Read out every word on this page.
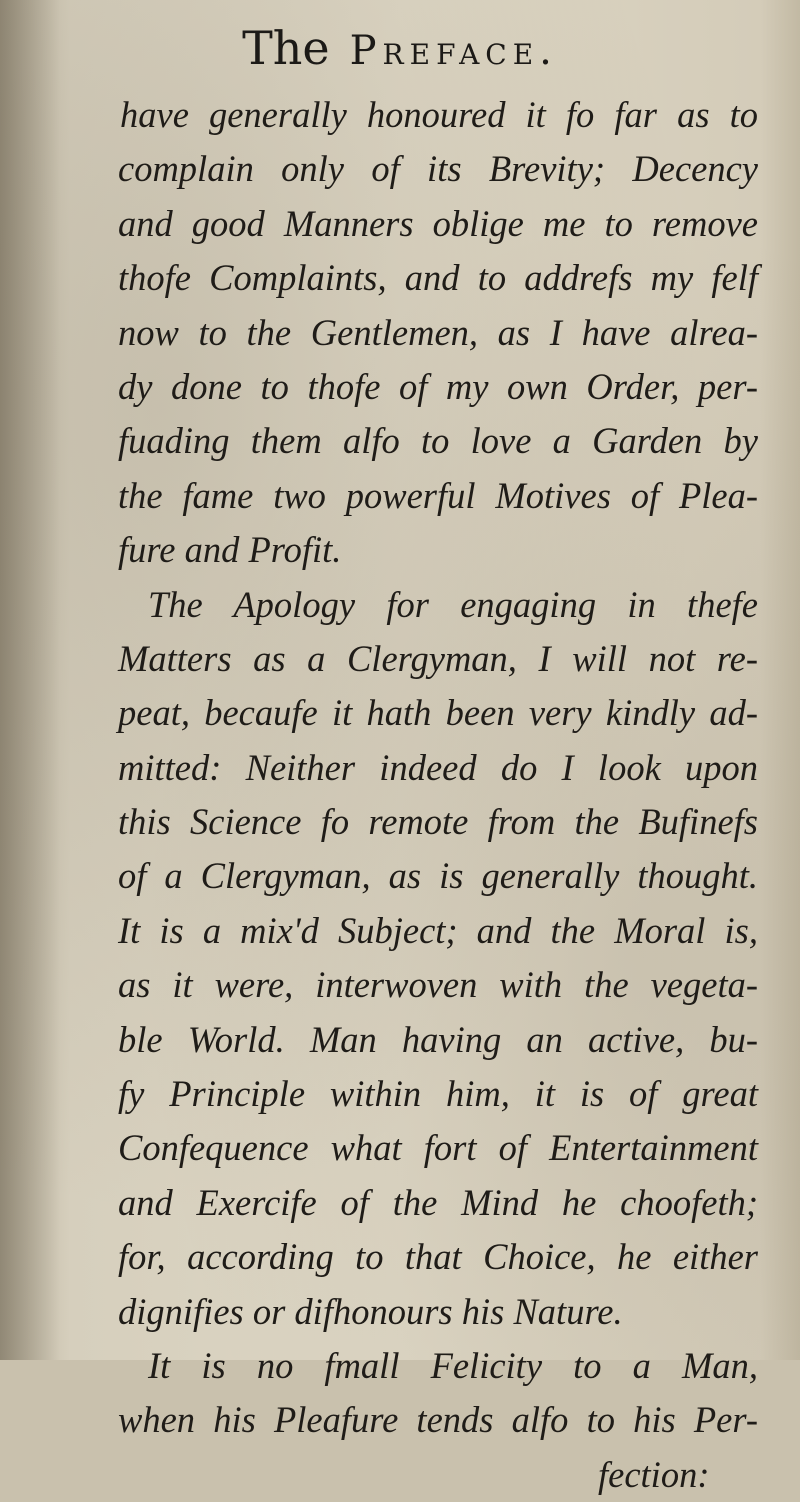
The Preface.
have generally honoured it fo far as to
complain only of its Brevity; Decency
and good Manners oblige me to remove
thofe Complaints, and to addrefs my felf
now to the Gentlemen, as I have alrea-
dy done to thofe of my own Order, per-
fuading them alfo to love a Garden by
the fame two powerful Motives of Plea-
fure and Profit.
The Apology for engaging in thefe
Matters as a Clergyman, I will not re-
peat, becaufe it hath been very kindly ad-
mitted: Neither indeed do I look upon
this Science fo remote from the Bufinefs
of a Clergyman, as is generally thought.
It is a mix'd Subject; and the Moral is,
as it were, interwoven with the vegeta-
ble World. Man having an active, bu-
fy Principle within him, it is of great
Confequence what fort of Entertainment
and Exercife of the Mind he choofeth;
for, according to that Choice, he either
dignifies or difhonours his Nature.
It is no fmall Felicity to a Man,
when his Pleafure tends alfo to his Per-
fection:
